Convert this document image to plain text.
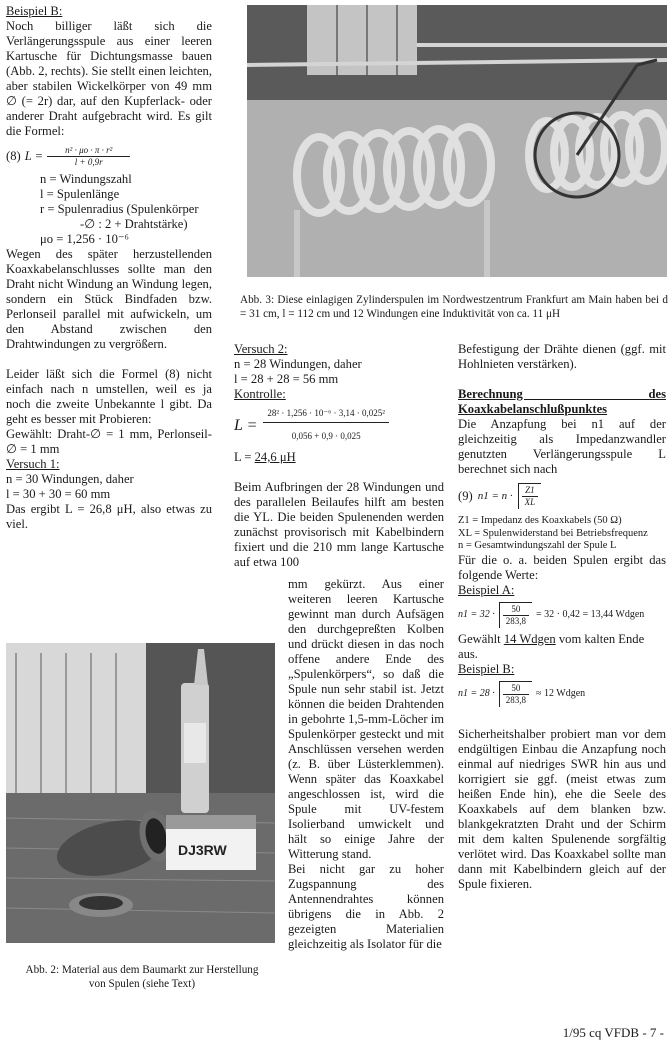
Beispiel B:

Noch billiger läßt sich die Verlängerungsspule aus einer leeren Kartusche für Dichtungsmasse bauen (Abb. 2, rechts). Sie stellt einen leichten, aber stabilen Wickelkörper von 49 mm ∅ (= 2r) dar, auf den Kupferlack- oder anderer Draht aufgebracht wird. Es gilt die Formel:

(8) $L = \frac{\text{n² · μo · π · r²}}{l + 0,9r}$
n = Windungszahl
l = Spulenlänge
r = Spulenradius (Spulenkörper
-∅ : 2 + Drahtstärke)
μo = 1,256 · 10⁻⁶

Wegen des später herzustellenden Koaxkabelanschlusses sollte man den Draht nicht Windung an Windung legen, sondern ein Stück Bindfaden bzw. Perlonseil parallel mit aufwickeln, um den Abstand zwischen den Drahtwindungen zu vergrößern.

Leider läßt sich die Formel (8) nicht einfach nach n umstellen, weil es ja noch die zweite Unbekannte l gibt. Da geht es besser mit Probieren:

Gewählt: Draht-∅ = 1 mm, Perlonseil-∅ = 1 mm

Versuch 1:

n = 30 Windungen, daher

l = 30 + 30 = 60 mm

Das ergibt L = 26,8 μH, also etwas zu viel.

DJ3RW
Abb. 2: Material aus dem Baumarkt zur Herstellung von Spulen (siehe Text)
Abb. 3: Diese einlagigen Zylinderspulen im Nordwestzentrum Frankfurt am Main haben bei d = 31 cm, l = 112 cm und 12 Windungen eine Induktivität von ca. 11 μH

Versuch 2:

n = 28 Windungen, daher

l = 28 + 28 = 56 mm

Kontrolle:

$L = \frac{\text{28² · 1,256 · 10⁻⁶ · 3,14 · 0,025²}}{0,056 + 0,9 \cdot 0,025}$

L = 24,6 μH

Beim Aufbringen der 28 Windungen und des parallelen Beilaufes hilft am besten die YL. Die beiden Spulenenden werden zunächst provisorisch mit Kabelbindern fixiert und die 210 mm lange Kartusche auf etwa 100

mm gekürzt. Aus einer weiteren leeren Kartusche gewinnt man durch Aufsägen den durchgepreßten Kolben und drückt diesen in das noch offene andere Ende des „Spulenkörpers“, so daß die Spule nun sehr stabil ist. Jetzt können die beiden Drahtenden in gebohrte 1,5-mm-Löcher im Spulenkörper gesteckt und mit Anschlüssen versehen werden (z. B. über Lüsterklemmen). Wenn später das Koaxkabel angeschlossen ist, wird die Spule mit UV-festem Isolierband umwickelt und hält so einige Jahre der Witterung stand.

Bei nicht gar zu hoher Zugspannung des Antennendrahtes können übrigens die in Abb. 2 gezeigten Materialien gleichzeitig als Isolator für die

Befestigung der Drähte dienen (ggf. mit Hohlnieten verstärken).

Berechnung des Koaxkabelanschlußpunktes

Die Anzapfung bei n1 auf der gleichzeitig als Impedanzwandler genutzten Verlängerungsspule L berechnet sich nach

(9) $n1 = n \cdot \frac{Z1}{XL}$
Z1 = Impedanz des Koaxkabels (50 Ω)
XL = Spulenwiderstand bei Betriebsfrequenz
n = Gesamtwindungszahl der Spule L

Für die o. a. beiden Spulen ergibt das folgende Werte:

Beispiel A:

$n1 = 32 \cdot \frac{50}{283,8} = 32 \cdot 0,42 = 13,44$ Wdgen

Gewählt 14 Wdgen vom kalten Ende aus.

Beispiel B:

$n1 = 28 \cdot \frac{50}{283,8} \approx 12$ Wdgen

Sicherheitshalber probiert man vor dem endgültigen Einbau die Anzapfung noch einmal auf niedriges SWR hin aus und korrigiert sie ggf. (meist etwas zum heißen Ende hin), ehe die Seele des Koaxkabels auf dem blanken bzw. blankgekratzten Draht und der Schirm mit dem kalten Spulenende sorgfältig verlötet wird. Das Koaxkabel sollte man dann mit Kabelbindern gleich auf der Spule fixieren.

1/95 cq VFDB - 7 -
